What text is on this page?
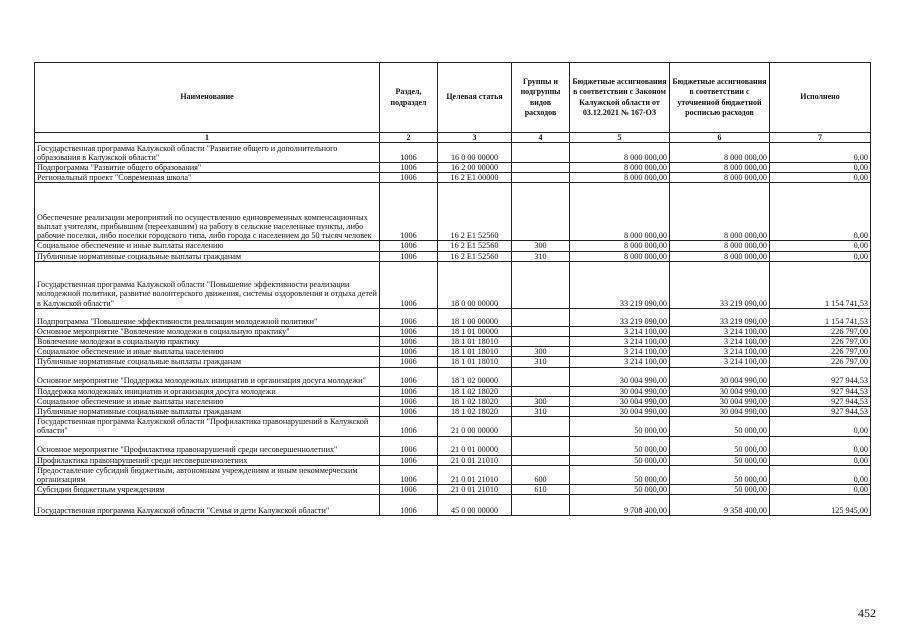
Наименование	Раздел, подраздел	Целевая статья	Группы и подгруппы видов расходов	Бюджетные ассигнования в соответствии с Законом Калужской области от 03.12.2021 № 167-ОЗ	Бюджетные ассигнования в соответствии с уточненной бюджетной росписью расходов	Исполнено
1	2	3	4	5	6	7
Государственная программа Калужской области "Развитие общего и дополнительного образования в Калужской области"	1006	16 0 00 00000		8 000 000,00	8 000 000,00	0,00
Подпрограмма "Развитие общего образования"	1006	16 2 00 00000		8 000 000,00	8 000 000,00	0,00
Региональный проект "Современная школа"	1006	16 2 E1 00000		8 000 000,00	8 000 000,00	0,00
Обеспечение реализации мероприятий по осуществлению единовременных компенсационных выплат учителям, прибывшим (переехавшим) на работу в сельские населенные пункты, либо рабочие поселки, либо поселки городского типа, либо города с населением до 50 тысяч человек	1006	16 2 E1 52560		8 000 000,00	8 000 000,00	0,00
Социальное обеспечение и иные выплаты населению	1006	16 2 E1 52560	300	8 000 000,00	8 000 000,00	0,00
Публичные нормативные социальные выплаты гражданам	1006	16 2 E1 52560	310	8 000 000,00	8 000 000,00	0,00
Государственная программа Калужской области "Повышение эффективности реализации молодежной политики, развитие волонтерского движения, системы оздоровления и отдыха детей в Калужской области"	1006	18 0 00 00000		33 219 090,00	33 219 090,00	1 154 741,53
Подпрограмма "Повышение эффективности реализации молодежной политики"	1006	18 1 00 00000		33 219 090,00	33 219 090,00	1 154 741,53
Основное мероприятие "Вовлечение молодежи в социальную практику"	1006	18 1 01 00000		3 214 100,00	3 214 100,00	226 797,00
Вовлечение молодежи в социальную практику	1006	18 1 01 18010		3 214 100,00	3 214 100,00	226 797,00
Социальное обеспечение и иные выплаты населению	1006	18 1 01 18010	300	3 214 100,00	3 214 100,00	226 797,00
Публичные нормативные социальные выплаты гражданам	1006	18 1 01 18010	310	3 214 100,00	3 214 100,00	226 797,00
Основное мероприятие "Поддержка молодежных инициатив и организация досуга молодежи"	1006	18 1 02 00000		30 004 990,00	30 004 990,00	927 944,53
Поддержка молодежных инициатив и организация досуга молодежи	1006	18 1 02 18020		30 004 990,00	30 004 990,00	927 944,53
Социальное обеспечение и иные выплаты населению	1006	18 1 02 18020	300	30 004 990,00	30 004 990,00	927 944,53
Публичные нормативные социальные выплаты гражданам	1006	18 1 02 18020	310	30 004 990,00	30 004 990,00	927 944,53
Государственная программа Калужской области "Профилактика правонарушений в Калужской области"	1006	21 0 00 00000		50 000,00	50 000,00	0,00
Основное мероприятие "Профилактика правонарушений среди несовершеннолетних"	1006	21 0 01 00000		50 000,00	50 000,00	0,00
Профилактика правонарушений среди несовершеннолетних	1006	21 0 01 21010		50 000,00	50 000,00	0,00
Предоставление субсидий бюджетным, автономным учреждениям и иным некоммерческим организациям	1006	21 0 01 21010	600	50 000,00	50 000,00	0,00
Субсидии бюджетным учреждениям	1006	21 0 01 21010	610	50 000,00	50 000,00	0,00
Государственная программа Калужской области "Семья и дети Калужской области"	1006	45 0 00 00000		9 708 400,00	9 358 400,00	125 945,00
452
